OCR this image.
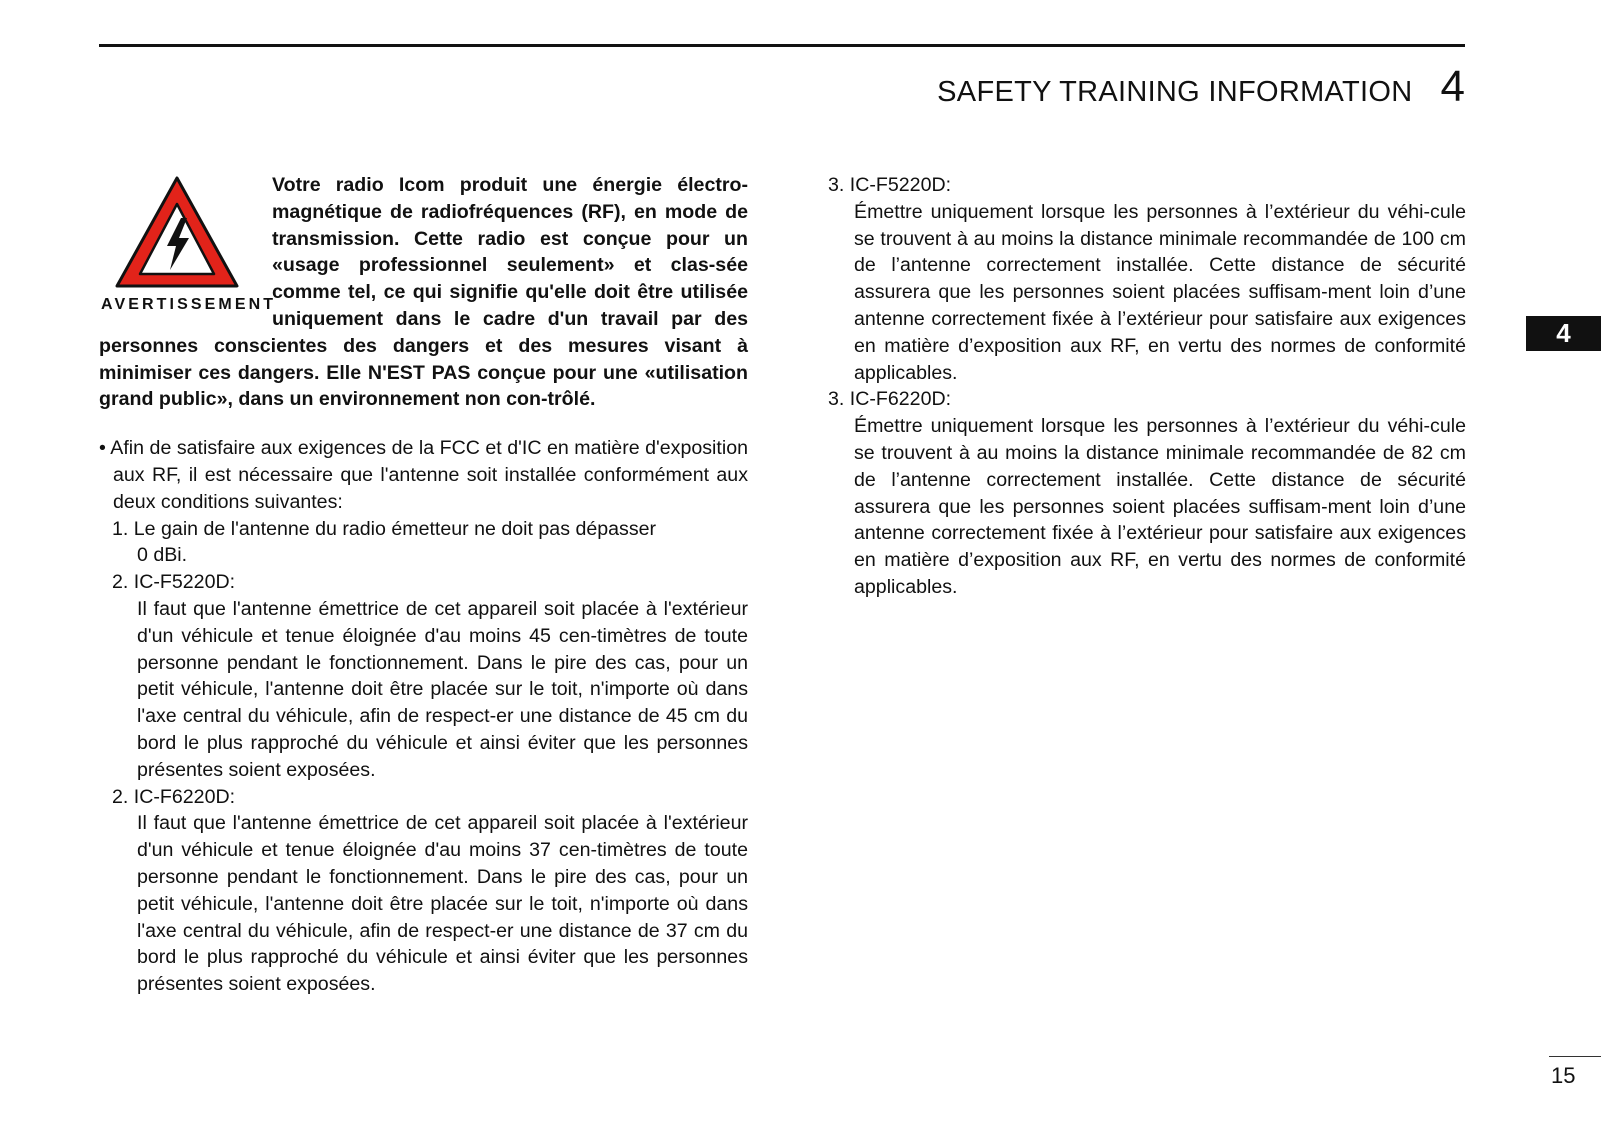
SAFETY TRAINING INFORMATION 4
AVERTISSEMENT

Votre radio Icom produit une énergie électro-magnétique de radiofréquences (RF), en mode de transmission. Cette radio est conçue pour un «usage professionnel seulement» et clas-sée comme tel, ce qui signifie qu'elle doit être utilisée uniquement dans le cadre d'un travail par des personnes conscientes des dangers et des mesures visant à minimiser ces dangers. Elle N'EST PAS conçue pour une «utilisation grand public», dans un environnement non con-trôlé.

• Afin de satisfaire aux exigences de la FCC et d'IC en matière d'exposition aux RF, il est nécessaire que l'antenne soit installée conformément aux deux conditions suivantes:

1. Le gain de l'antenne du radio émetteur ne doit pas dépasser

0 dBi.

2. IC-F5220D:

Il faut que l'antenne émettrice de cet appareil soit placée à l'extérieur d'un véhicule et tenue éloignée d'au moins 45 cen-timètres de toute personne pendant le fonctionnement. Dans le pire des cas, pour un petit véhicule, l'antenne doit être placée sur le toit, n'importe où dans l'axe central du véhicule, afin de respect-er une distance de 45 cm du bord le plus rapproché du véhicule et ainsi éviter que les personnes présentes soient exposées.

2. IC-F6220D:

Il faut que l'antenne émettrice de cet appareil soit placée à l'extérieur d'un véhicule et tenue éloignée d'au moins 37 cen-timètres de toute personne pendant le fonctionnement. Dans le pire des cas, pour un petit véhicule, l'antenne doit être placée sur le toit, n'importe où dans l'axe central du véhicule, afin de respect-er une distance de 37 cm du bord le plus rapproché du véhicule et ainsi éviter que les personnes présentes soient exposées.

3. IC-F5220D:

Émettre uniquement lorsque les personnes à l’extérieur du véhi-cule se trouvent à au moins la distance minimale recommandée de 100 cm de l’antenne correctement installée. Cette distance de sécurité assurera que les personnes soient placées suffisam-ment loin d’une antenne correctement fixée à l’extérieur pour satisfaire aux exigences en matière d’exposition aux RF, en vertu des normes de conformité applicables.

3. IC-F6220D:

Émettre uniquement lorsque les personnes à l’extérieur du véhi-cule se trouvent à au moins la distance minimale recommandée de 82 cm de l’antenne correctement installée. Cette distance de sécurité assurera que les personnes soient placées suffisam-ment loin d’une antenne correctement fixée à l’extérieur pour satisfaire aux exigences en matière d’exposition aux RF, en vertu des normes de conformité applicables.

4
15
